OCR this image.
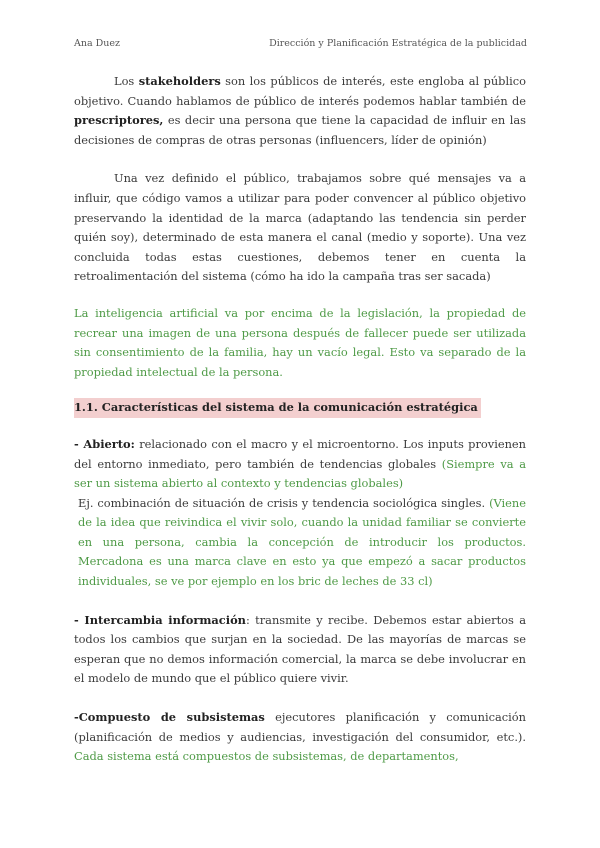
Ana Duez	Dirección y Planificación Estratégica de la publicidad

Los stakeholders son los públicos de interés, este engloba al público objetivo. Cuando hablamos de público de interés podemos hablar también de prescriptores, es decir una persona que tiene la capacidad de influir en las decisiones de compras de otras personas (influencers, líder de opinión)

Una vez definido el público, trabajamos sobre qué mensajes va a influir, que código vamos a utilizar para poder convencer al público objetivo preservando la identidad de la marca (adaptando las tendencia sin perder quién soy), determinado de esta manera el canal (medio y soporte). Una vez concluida todas estas cuestiones, debemos tener en cuenta la retroalimentación del sistema (cómo ha ido la campaña tras ser sacada)

La inteligencia artificial va por encima de la legislación, la propiedad de recrear una imagen de una persona después de fallecer puede ser utilizada sin consentimiento de la familia, hay un vacío legal. Esto va separado de la propiedad intelectual de la persona.

1.1. Características del sistema de la comunicación estratégica

- Abierto: relacionado con el macro y el microentorno. Los inputs provienen del entorno inmediato, pero también de tendencias globales (Siempre va a ser un sistema abierto al contexto y tendencias globales)

Ej. combinación de situación de crisis y tendencia sociológica singles. (Viene de la idea que reivindica el vivir solo, cuando la unidad familiar se convierte en una persona, cambia la concepción de introducir los productos. Mercadona es una marca clave en esto ya que empezó a sacar productos individuales, se ve por ejemplo en los bric de leches de 33 cl)

- Intercambia información: transmite y recibe. Debemos estar abiertos a todos los cambios que surjan en la sociedad. De las mayorías de marcas se esperan que no demos información comercial, la marca se debe involucrar en el modelo de mundo que el público quiere vivir.

-Compuesto de subsistemas ejecutores planificación y comunicación (planificación de medios y audiencias, investigación del consumidor, etc.). Cada sistema está compuestos de subsistemas, de departamentos,
